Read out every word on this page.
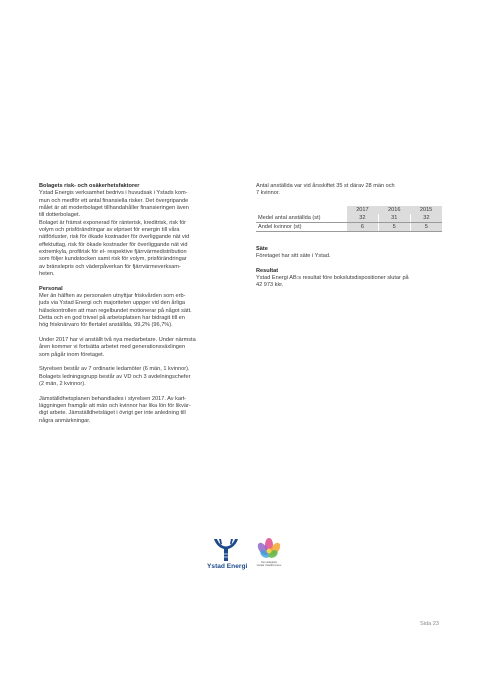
Bolagets risk- och osäkerhetsfaktorer
Ystad Energis verksamhet bedrivs i huvudsak i Ystads kom-
mun och medför ett antal finansiella risker. Det övergripande
målet är att moderbolaget tillhandahåller finansieringen även
till dotterbolaget.
Bolaget är främst exponerad för ränterisk, kreditrisk, risk för
volym och prisförändringar av elpriset för energin till våra
nätförluster, risk för ökade kostnader för överliggande nät vid
effektuttag, risk för ökade kostnader för överliggande nät vid
extremkyla, profilrisk för el- respektive fjärrvärmedistribution
som följer kundstocken samt risk för volym, prisförändringar
av bränslepris och väderpåverkan för fjärrvärmeverksam-
heten.
Personal
Mer än hälften av personalen utnyttjar friskvården som erb-
juds via Ystad Energi och majoriteten uppger vid den årliga
hälsokontrollen att man regelbundet motionerar på något sätt.
Detta och en god trivsel på arbetsplatsen har bidragit till en
hög frisknärvaro för flertalet anställda, 99,2% (96,7%).
Under 2017 har vi anställt två nya medarbetare. Under närmsta
åren kommer vi fortsätta arbetet med generationsväxlingen
som pågår inom företaget.
Styrelsen består av 7 ordinarie ledamöter (6 män, 1 kvinnor).
Bolagets ledningsgrupp består av VD och 3 avdelningschefer
(2 män, 2 kvinnor).
Jämställdhetsplanen behandlades i styrelsen 2017. Av kart-
läggningen framgår att män och kvinnor har lika lön för likvär-
digt arbete. Jämställdhetsläget i övrigt ger inte anledning till
några anmärkningar.
Antal anställda var vid årsskiftet 35 st därav 28 män och
7 kvinnor.
	2017	2016	2015
Medel antal anställda (st)	32	31	32
Andel kvinnor (st)	6	5	5
Säte
Företaget har sitt säte i Ystad.
Resultat
Ystad Energi AB:s resultat före bokslutsdispositioner slutar på
42 973 kkr.
Ystad Energi
Det ekologiska
sociala Ystadkommune
Sida 23
